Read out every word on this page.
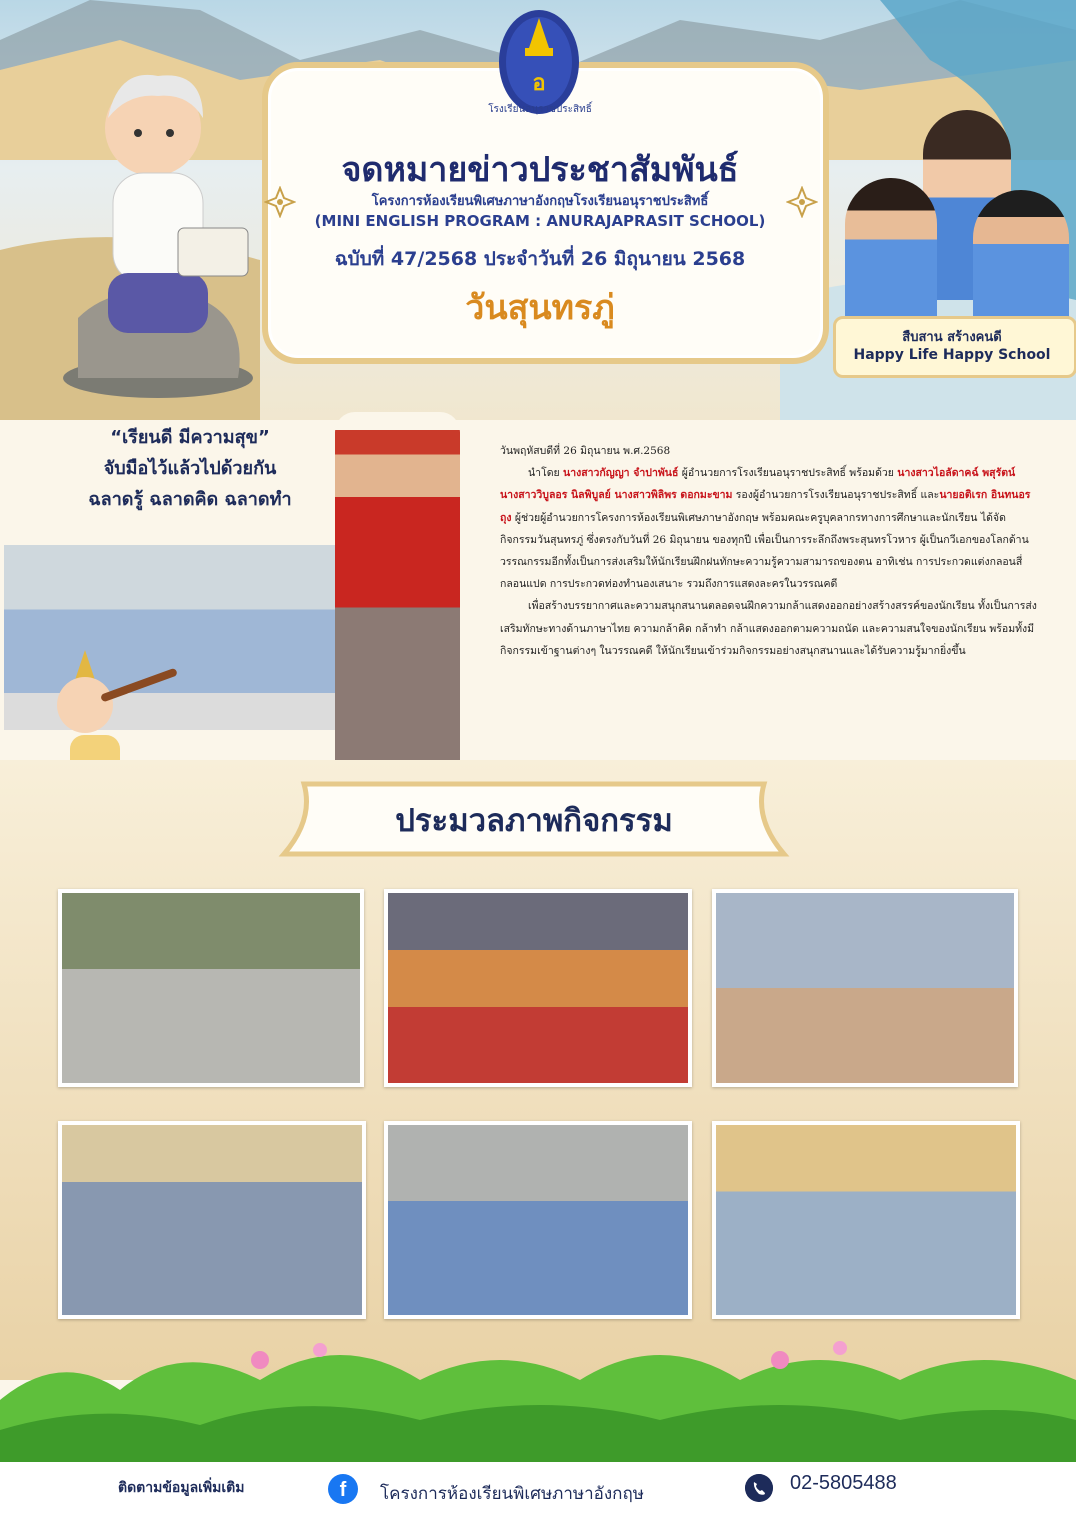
อ
โรงเรียนอนุราชประสิทธิ์
จดหมายข่าวประชาสัมพันธ์
โครงการห้องเรียนพิเศษภาษาอังกฤษโรงเรียนอนุราชประสิทธิ์
(MINI ENGLISH PROGRAM : ANURAJAPRASIT SCHOOL)
ฉบับที่ 47/2568 ประจำวันที่ 26 มิถุนายน 2568
วันสุนทรภู่
สืบสาน สร้างคนดี
Happy Life Happy School
“เรียนดี มีความสุข”
จับมือไว้แล้วไปด้วยกัน
ฉลาดรู้ ฉลาดคิด ฉลาดทำ

วันพฤหัสบดีที่ 26 มิถุนายน พ.ศ.2568

นำโดย นางสาวกัญญา จำปาพันธ์ ผู้อำนวยการโรงเรียนอนุราชประสิทธิ์ พร้อมด้วย นางสาวไอลัดาคฉ์ พสุรัตน์ นางสาววิบูลอร นิลพิบูลย์ นางสาวพิลิพร ดอกมะขาม รองผู้อำนวยการโรงเรียนอนุราชประสิทธิ์ และนายอติเรก อินทนอรถุง ผู้ช่วยผู้อำนวยการโครงการห้องเรียนพิเศษภาษาอังกฤษ พร้อมคณะครูบุคลากรทางการศึกษาและนักเรียน ได้จัดกิจกรรมวันสุนทรภู่ ซึ่งตรงกับวันที่ 26 มิถุนายน ของทุกปี เพื่อเป็นการระลึกถึงพระสุนทรโวหาร ผู้เป็นกวีเอกของโลกด้านวรรณกรรมอีกทั้งเป็นการส่งเสริมให้นักเรียนฝึกฝนทักษะความรู้ความสามารถของตน อาทิเช่น การประกวดแต่งกลอนสี่ กลอนแปด การประกวดท่องทำนองเสนาะ รวมถึงการแสดงละครในวรรณคดี

เพื่อสร้างบรรยากาศและความสนุกสนานตลอดจนฝึกความกล้าแสดงออกอย่างสร้างสรรค์ของนักเรียน ทั้งเป็นการส่งเสริมทักษะทางด้านภาษาไทย ความกล้าคิด กล้าทำ กล้าแสดงออกตามความถนัด และความสนใจของนักเรียน พร้อมทั้งมีกิจกรรมเข้าฐานต่างๆ ในวรรณคดี ให้นักเรียนเข้าร่วมกิจกรรมอย่างสนุกสนานและได้รับความรู้มากยิ่งขึ้น

ประมวลภาพกิจกรรม
ติดตามข้อมูลเพิ่มเติม	f	โครงการห้องเรียนพิเศษภาษาอังกฤษ	02-5805488
